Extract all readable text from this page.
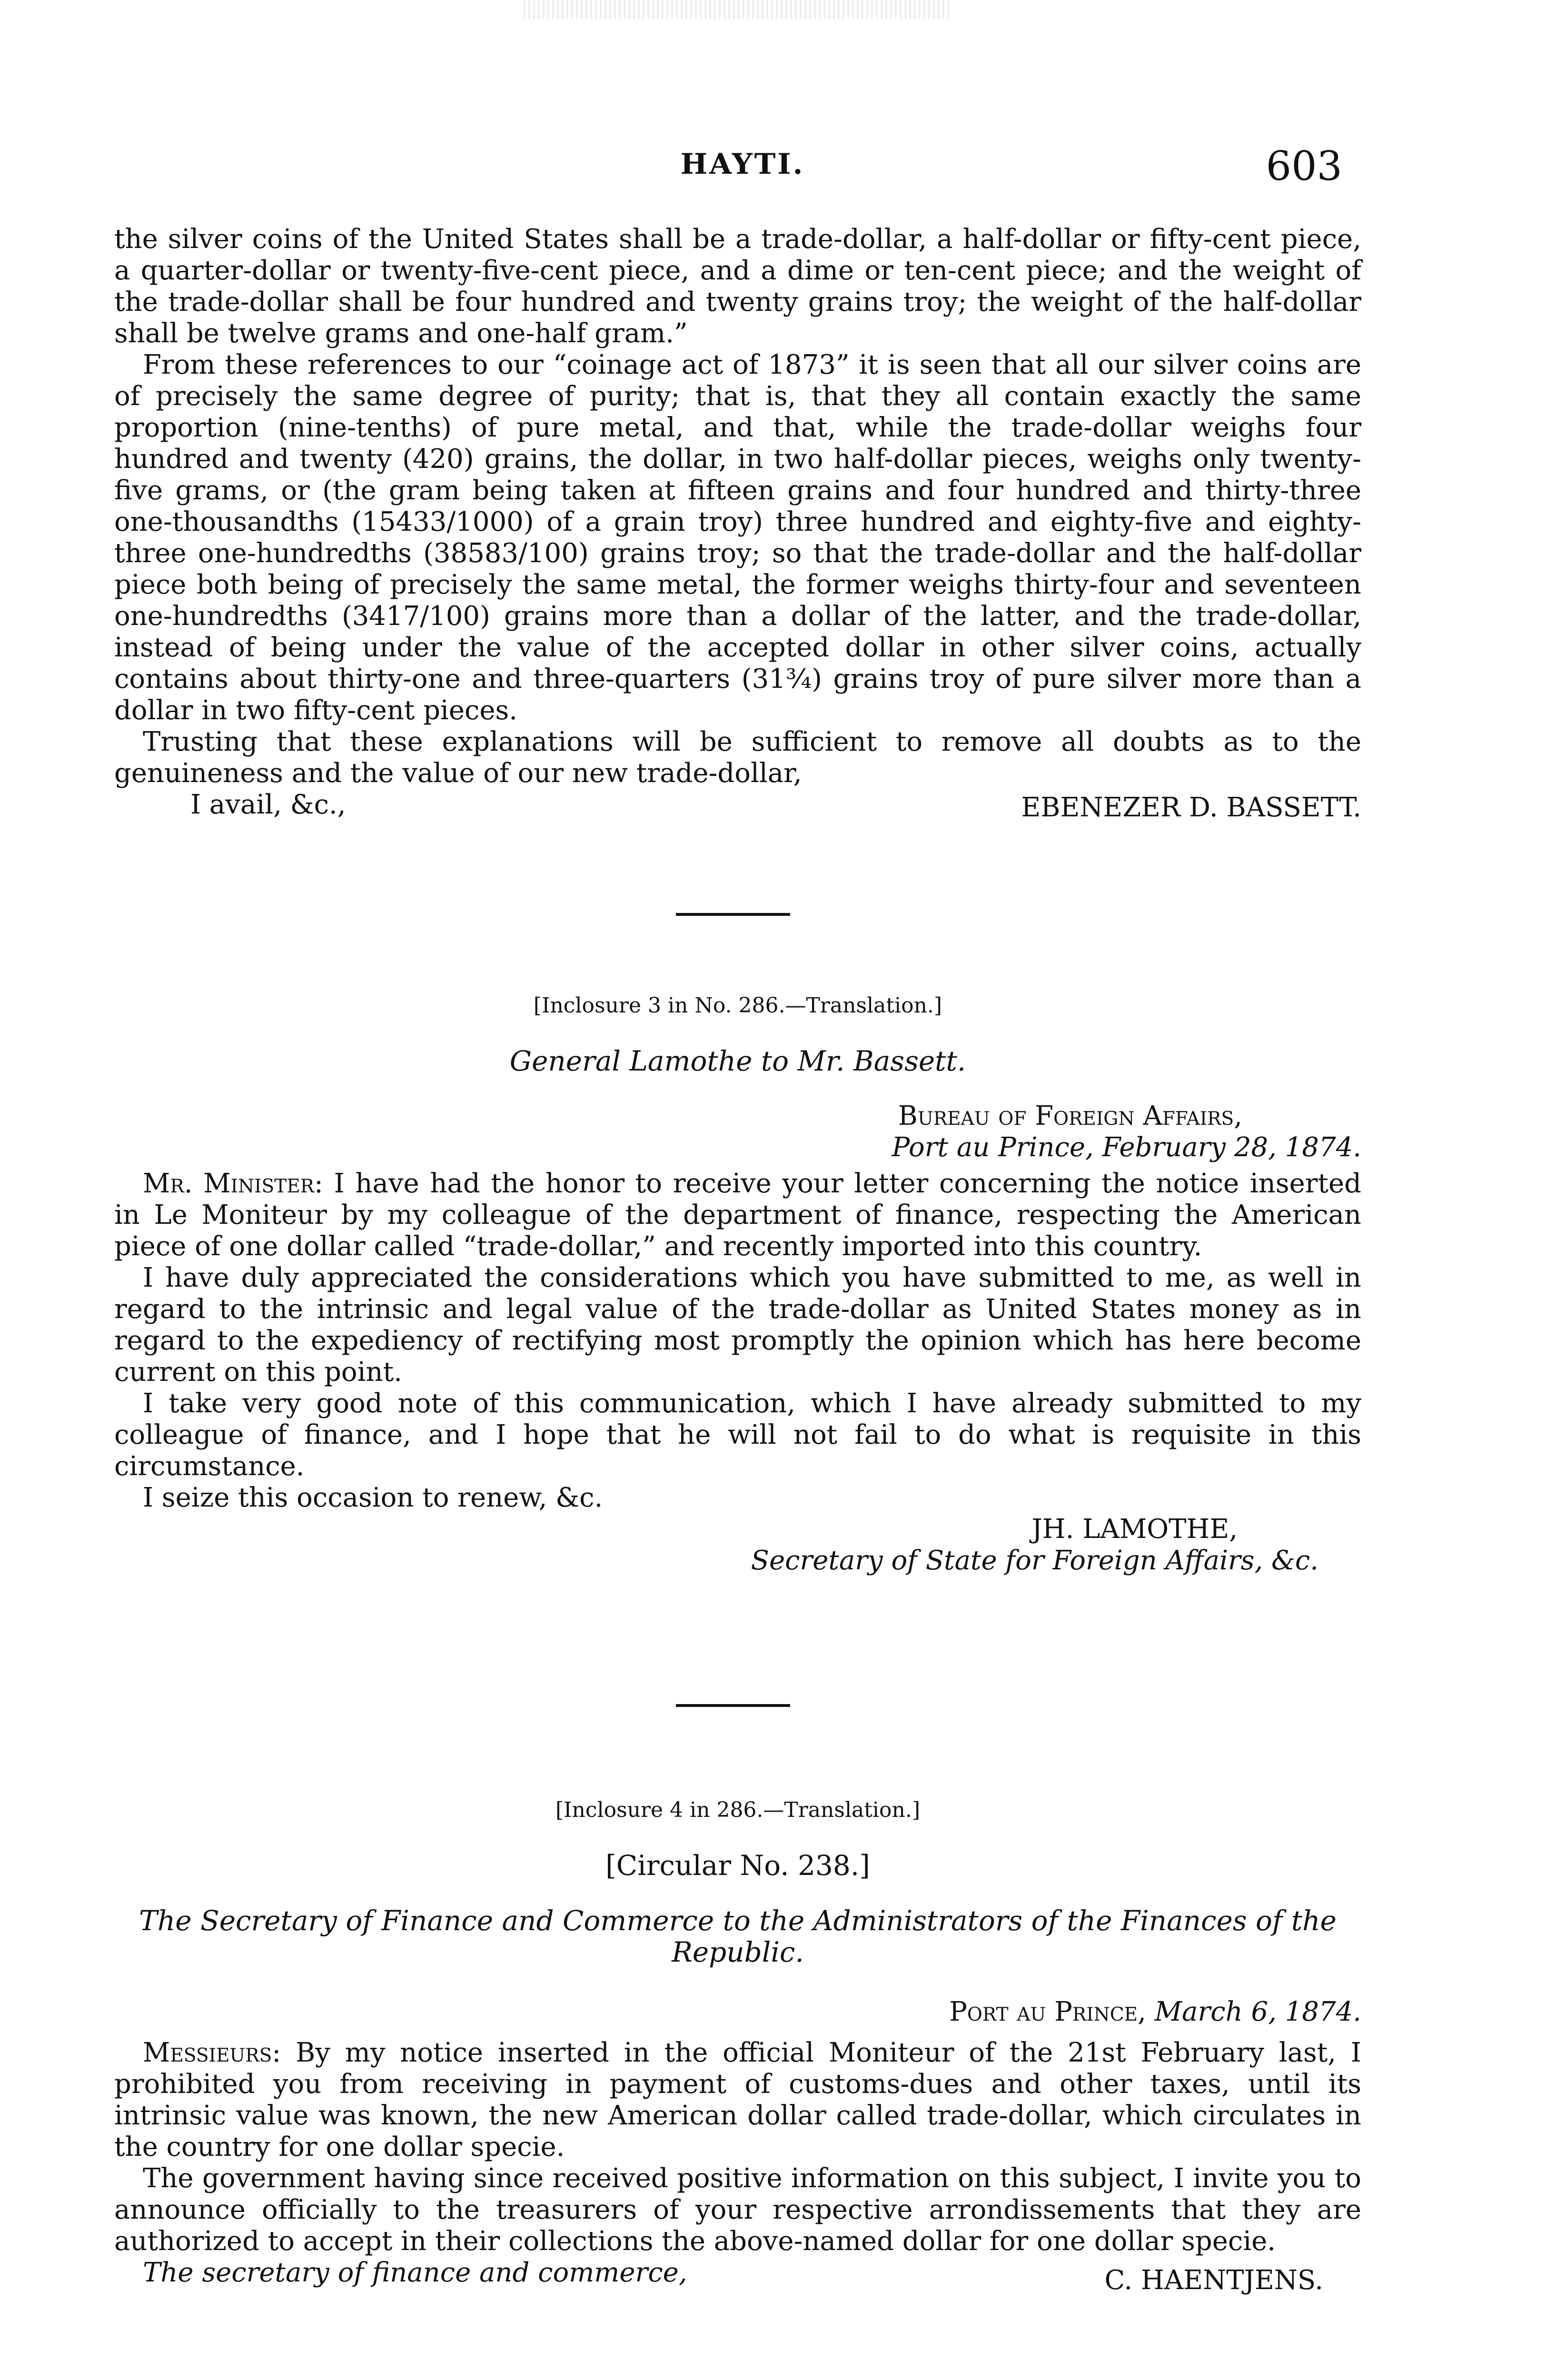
HAYTI.	603

the silver coins of the United States shall be a trade-dollar, a half-dollar or fifty-cent piece, a quarter-dollar or twenty-five-cent piece, and a dime or ten-cent piece; and the weight of the trade-dollar shall be four hundred and twenty grains troy; the weight of the half-dollar shall be twelve grams and one-half gram.”

From these references to our “coinage act of 1873” it is seen that all our silver coins are of precisely the same degree of purity; that is, that they all contain exactly the same proportion (nine-tenths) of pure metal, and that, while the trade-dollar weighs four hundred and twenty (420) grains, the dollar, in two half-dollar pieces, weighs only twenty-five grams, or (the gram being taken at fifteen grains and four hundred and thirty-three one-thousandths (15433/1000) of a grain troy) three hundred and eighty-five and eighty-three one-hundredths (38583/100) grains troy; so that the trade-dollar and the half-dollar piece both being of precisely the same metal, the former weighs thirty-four and seventeen one-hundredths (3417/100) grains more than a dollar of the latter, and the trade-dollar, instead of being under the value of the accepted dollar in other silver coins, actually contains about thirty-one and three-quarters (31¾) grains troy of pure silver more than a dollar in two fifty-cent pieces.

Trusting that these explanations will be sufficient to remove all doubts as to the genuineness and the value of our new trade-dollar,

I avail, &c.,	EBENEZER D. BASSETT.

[Inclosure 3 in No. 286.—Translation.]

General Lamothe to Mr. Bassett.

Bureau of Foreign Affairs,

Port au Prince, February 28, 1874.

Mr. Minister: I have had the honor to receive your letter concerning the notice inserted in Le Moniteur by my colleague of the department of finance, respecting the American piece of one dollar called “trade-dollar,” and recently imported into this country.

I have duly appreciated the considerations which you have submitted to me, as well in regard to the intrinsic and legal value of the trade-dollar as United States money as in regard to the expediency of rectifying most promptly the opinion which has here become current on this point.

I take very good note of this communication, which I have already submitted to my colleague of finance, and I hope that he will not fail to do what is requisite in this circumstance.

I seize this occasion to renew, &c.

JH. LAMOTHE,

Secretary of State for Foreign Affairs, &c.

[Inclosure 4 in 286.—Translation.]

[Circular No. 238.]

The Secretary of Finance and Commerce to the Administrators of the Finances of the Republic.

Port au Prince, March 6, 1874.

Messieurs: By my notice inserted in the official Moniteur of the 21st February last, I prohibited you from receiving in payment of customs-dues and other taxes, until its intrinsic value was known, the new American dollar called trade-dollar, which circulates in the country for one dollar specie.

The government having since received positive information on this subject, I invite you to announce officially to the treasurers of your respective arrondissements that they are authorized to accept in their collections the above-named dollar for one dollar specie.

The secretary of finance and commerce,	C. HAENTJENS.
